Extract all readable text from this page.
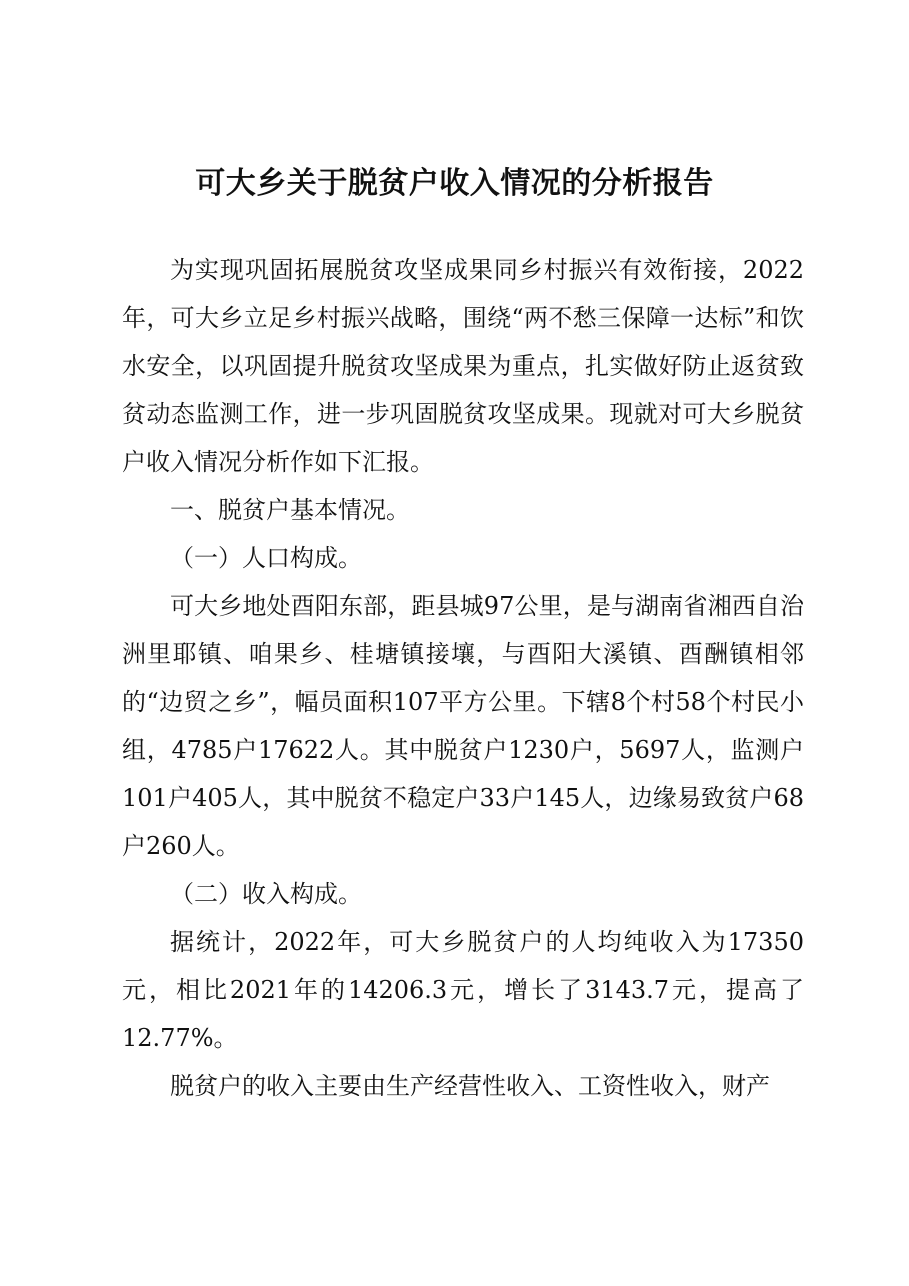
可大乡关于脱贫户收入情况的分析报告

为实现巩固拓展脱贫攻坚成果同乡村振兴有效衔接，2022年，可大乡立足乡村振兴战略，围绕“两不愁三保障一达标”和饮水安全，以巩固提升脱贫攻坚成果为重点，扎实做好防止返贫致贫动态监测工作，进一步巩固脱贫攻坚成果。现就对可大乡脱贫户收入情况分析作如下汇报。

一、脱贫户基本情况。

（一）人口构成。

可大乡地处酉阳东部，距县城97公里，是与湖南省湘西自治洲里耶镇、咱果乡、桂塘镇接壤，与酉阳大溪镇、酉酬镇相邻的“边贸之乡”，幅员面积107平方公里。下辖8个村58个村民小组，4785户17622人。其中脱贫户1230户，5697人，监测户101户405人，其中脱贫不稳定户33户145人，边缘易致贫户68户260人。

（二）收入构成。

据统计，2022年，可大乡脱贫户的人均纯收入为17350元，相比2021年的14206.3元，增长了3143.7元，提高了12.77%。

脱贫户的收入主要由生产经营性收入、工资性收入，财产
